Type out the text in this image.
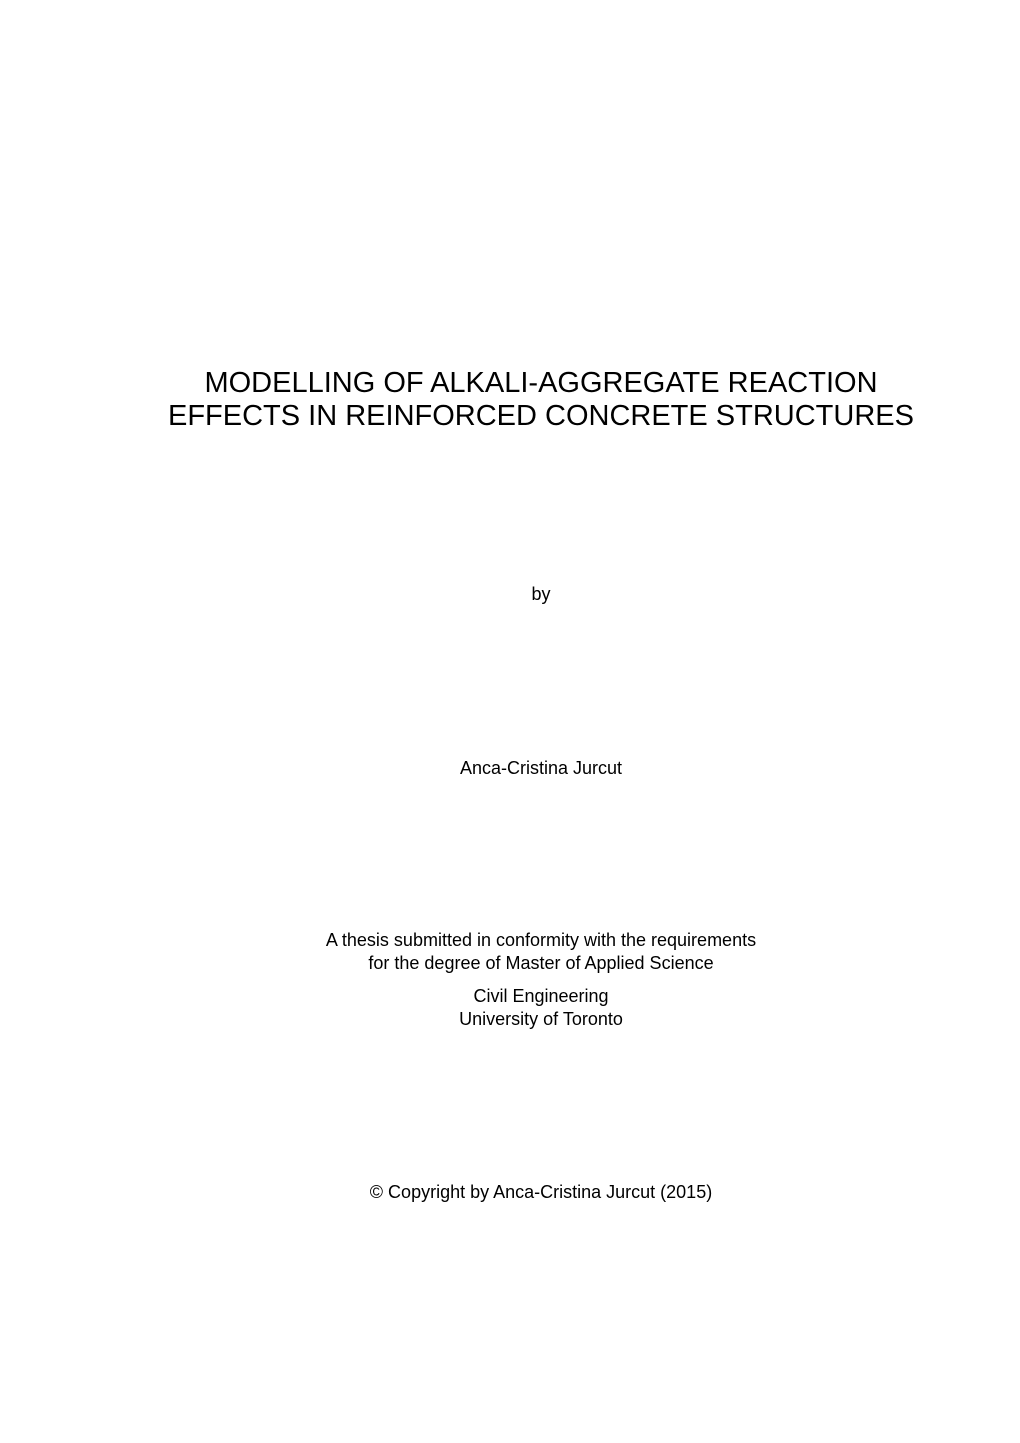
MODELLING OF ALKALI-AGGREGATE REACTION
EFFECTS IN REINFORCED CONCRETE STRUCTURES
by
Anca-Cristina Jurcut
A thesis submitted in conformity with the requirements
for the degree of Master of Applied Science
Civil Engineering
University of Toronto
© Copyright by Anca-Cristina Jurcut (2015)
